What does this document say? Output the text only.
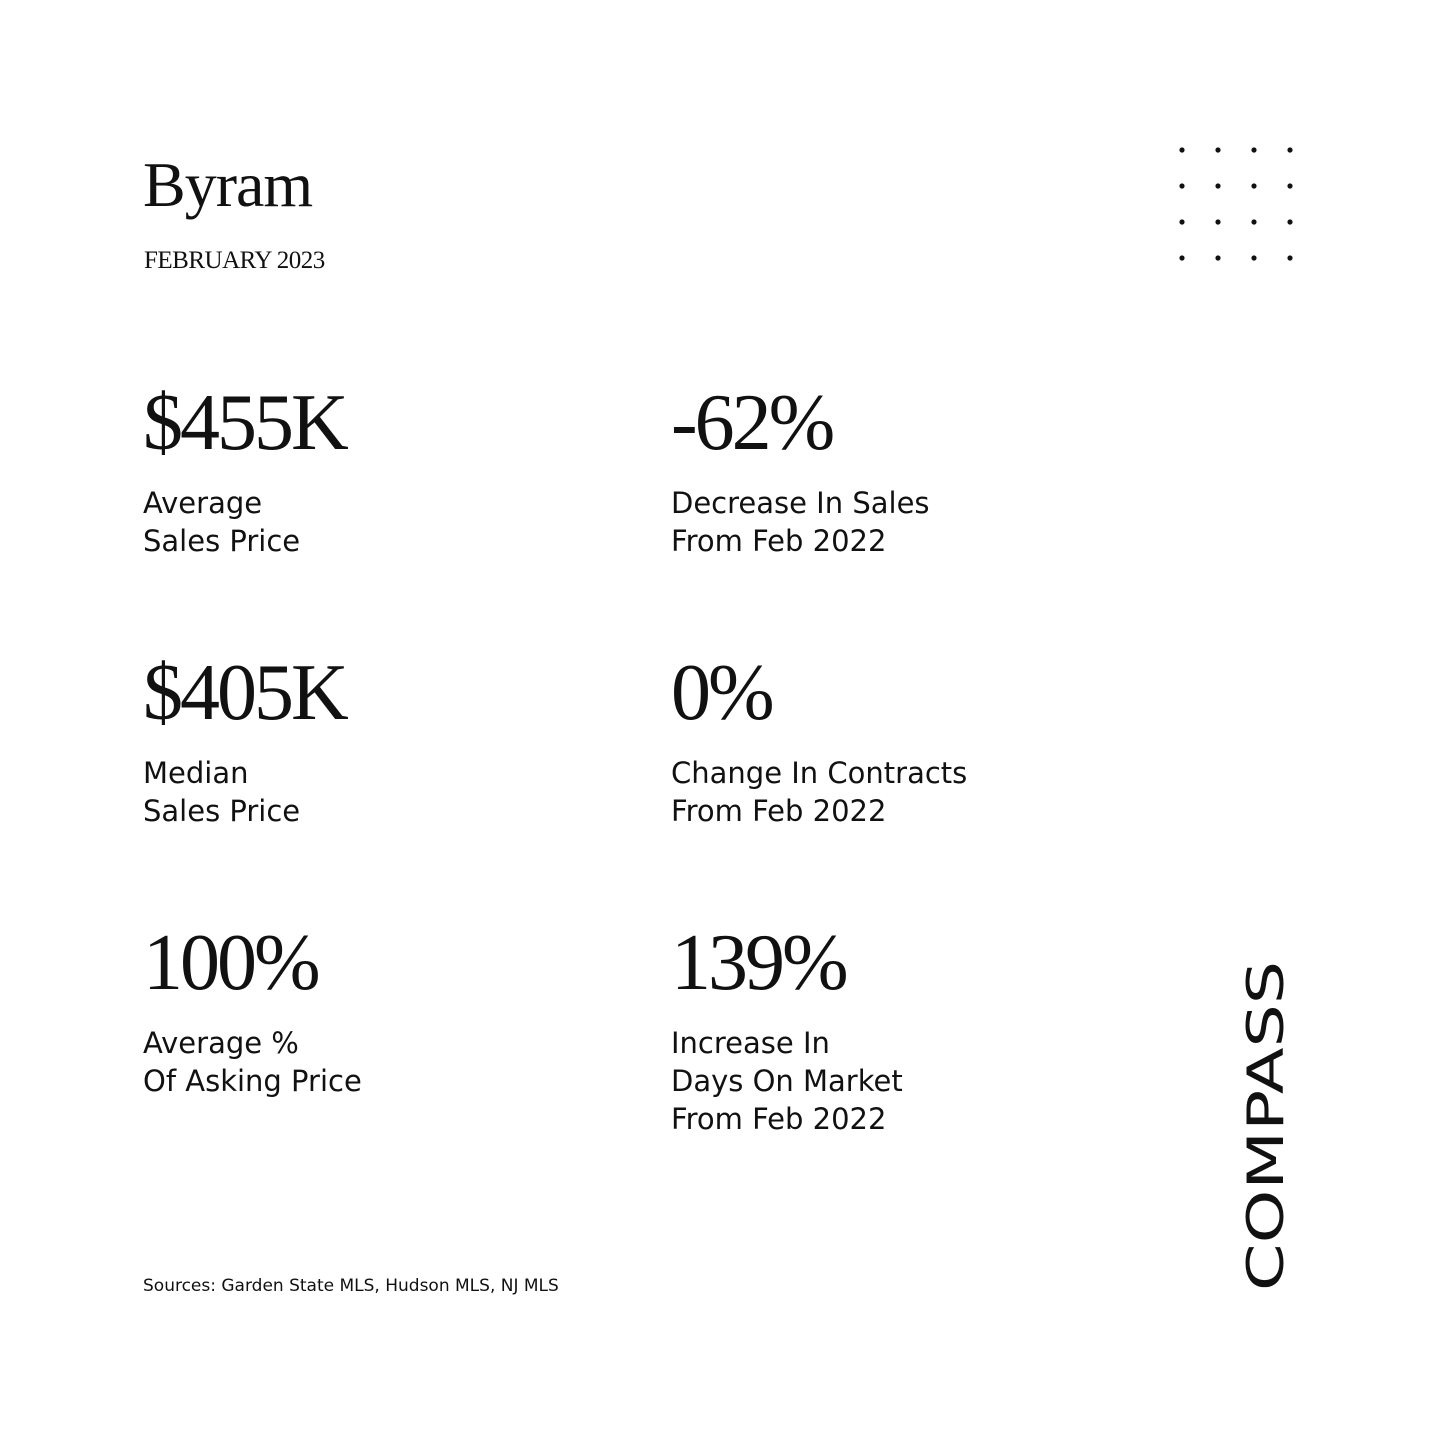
Byram
FEBRUARY 2023
$455K
Average
Sales Price
-62%
Decrease In Sales
From Feb 2022
$405K
Median
Sales Price
0%
Change In Contracts
From Feb 2022
100%
Average %
Of Asking Price
139%
Increase In
Days On Market
From Feb 2022
Sources: Garden State MLS, Hudson MLS, NJ MLS	COMPASS
